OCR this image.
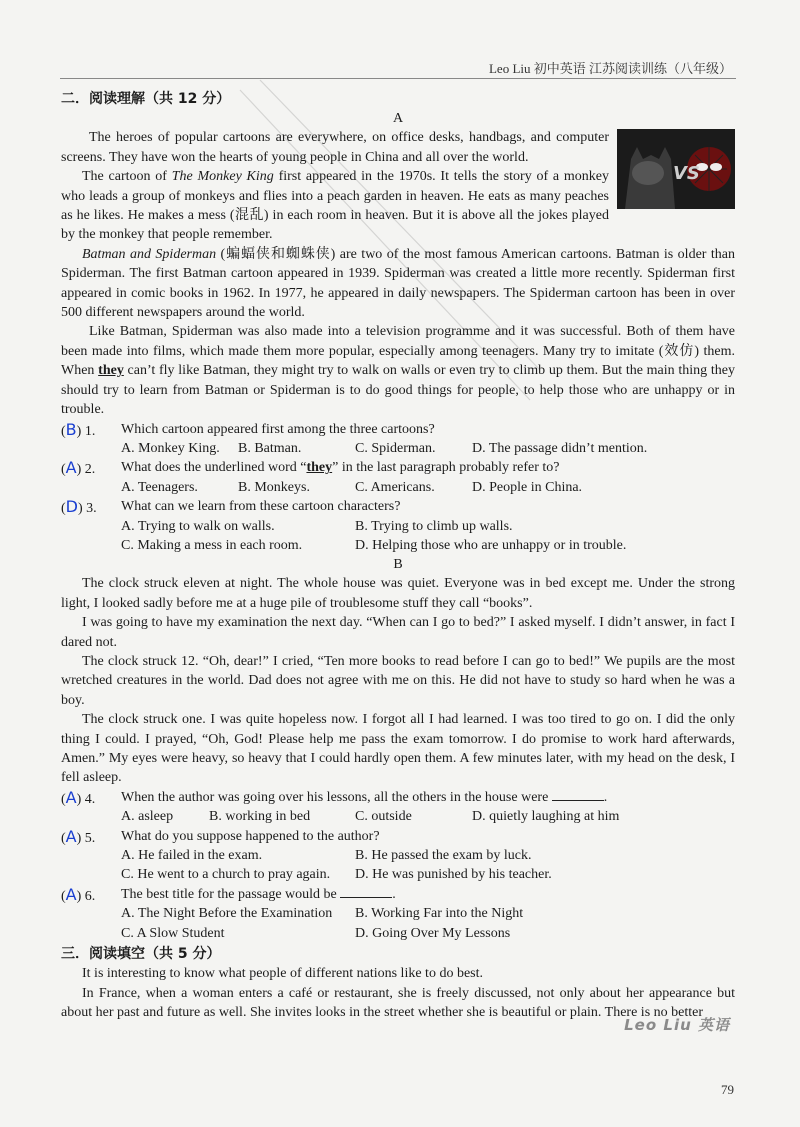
Leo Liu 初中英语 江苏阅读训练（八年级）
二．阅读理解（共 12 分）
A
VS

The heroes of popular cartoons are everywhere, on office desks, handbags, and computer screens. They have won the hearts of young people in China and all over the world.

The cartoon of The Monkey King first appeared in the 1970s. It tells the story of a monkey who leads a group of monkeys and flies into a peach garden in heaven. He eats as many peaches as he likes. He makes a mess (混乱) in each room in heaven. But it is above all the jokes played by the monkey that people remember.

Batman and Spiderman (蝙蝠侠和蜘蛛侠) are two of the most famous American cartoons. Batman is older than Spiderman. The first Batman cartoon appeared in 1939. Spiderman was created a little more recently. Spiderman first appeared in comic books in 1962. In 1977, he appeared in daily newspapers. The Spiderman cartoon has been in over 500 different newspapers around the world.

Like Batman, Spiderman was also made into a television programme and it was successful. Both of them have been made into films, which made them more popular, especially among teenagers. Many try to imitate (效仿) them. When they can’t fly like Batman, they might try to walk on walls or even try to climb up them. But the main thing they should try to learn from Batman or Spiderman is to do good things for people, to help those who are unhappy or in trouble.

(B) 1.	Which cartoon appeared first among the three cartoons?
A. Monkey King.	B. Batman.	C. Spiderman.	D. The passage didn’t mention.
(A) 2.	What does the underlined word “they” in the last paragraph probably refer to?
A. Teenagers.	B. Monkeys.	C. Americans.	D. People in China.
(D) 3.	What can we learn from these cartoon characters?
A. Trying to walk on walls.	B. Trying to climb up walls.
C. Making a mess in each room.	D. Helping those who are unhappy or in trouble.
B

The clock struck eleven at night. The whole house was quiet. Everyone was in bed except me. Under the strong light, I looked sadly before me at a huge pile of troublesome stuff they call “books”.

I was going to have my examination the next day. “When can I go to bed?” I asked myself. I didn’t answer, in fact I dared not.

The clock struck 12. “Oh, dear!” I cried, “Ten more books to read before I can go to bed!” We pupils are the most wretched creatures in the world. Dad does not agree with me on this. He did not have to study so hard when he was a boy.

The clock struck one. I was quite hopeless now. I forgot all I had learned. I was too tired to go on. I did the only thing I could. I prayed, “Oh, God! Please help me pass the exam tomorrow. I do promise to work hard afterwards, Amen.” My eyes were heavy, so heavy that I could hardly open them. A few minutes later, with my head on the desk, I fell asleep.

(A) 4.	When the author was going over his lessons, all the others in the house were	.
A. asleep	B. working in bed	C. outside	D. quietly laughing at him
(A) 5.	What do you suppose happened to the author?
A. He failed in the exam.	B. He passed the exam by luck.
C. He went to a church to pray again.	D. He was punished by his teacher.
(A) 6.	The best title for the passage would be	.
A. The Night Before the Examination	B. Working Far into the Night
C. A Slow Student	D. Going Over My Lessons
三．阅读填空（共 5 分）

It is interesting to know what people of different nations like to do best.

In France, when a woman enters a café or restaurant, she is freely discussed, not only about her appearance but about her past and future as well. She invites looks in the street whether she is beautiful or plain. There is no better

Leo Liu 英语
79
